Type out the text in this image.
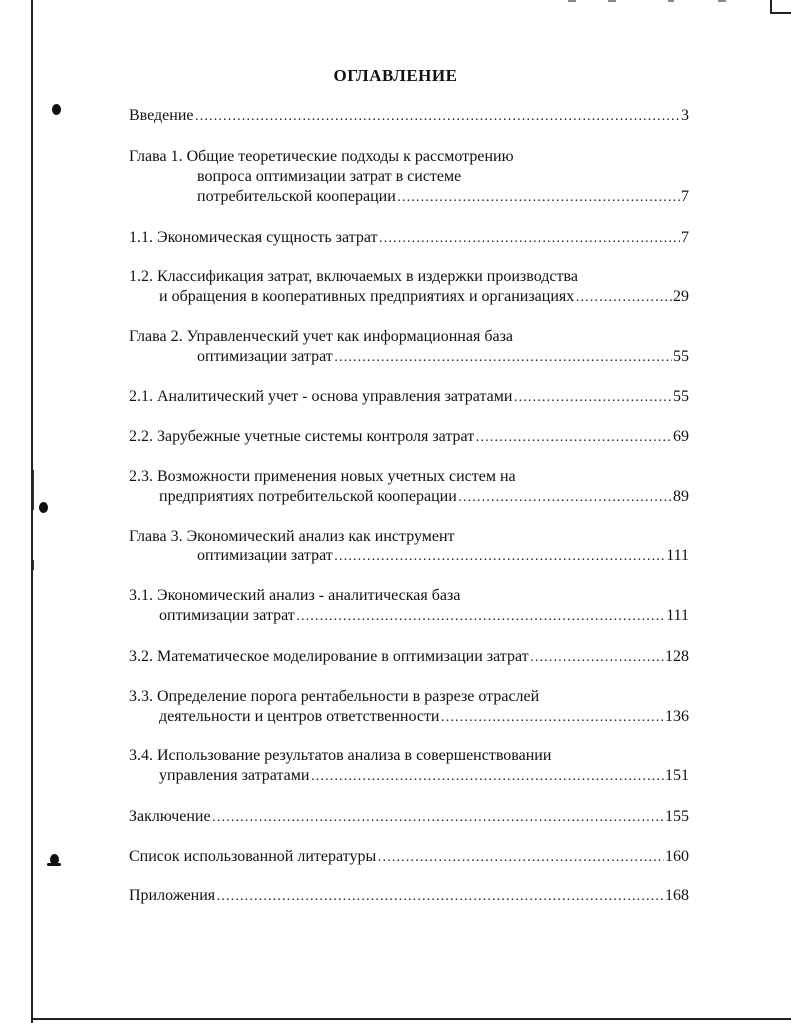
ОГЛАВЛЕНИЕ
Введение ……………………………………………………………………………………………………………………………………	3
Глава 1. Общие теоретические подходы к рассмотрению
вопроса оптимизации затрат в системе
потребительской кооперации ……………………………………………………………………………………………………………………………………	7
1.1. Экономическая сущность затрат ……………………………………………………………………………………………………………………………………	7
1.2. Классификация затрат, включаемых в издержки производства
и обращения в кооперативных предприятиях и организациях ……………………………………………………………………………………………………………………………………	29
Глава 2. Управленческий учет как информационная база
оптимизации затрат ……………………………………………………………………………………………………………………………………	55
2.1. Аналитический учет - основа управления затратами ……………………………………………………………………………………………………………………………………	55
2.2. Зарубежные учетные системы контроля затрат ……………………………………………………………………………………………………………………………………	69
2.3. Возможности применения новых учетных систем на
предприятиях потребительской кооперации ……………………………………………………………………………………………………………………………………	89
Глава 3. Экономический анализ как инструмент
оптимизации затрат ……………………………………………………………………………………………………………………………………	111
3.1. Экономический анализ - аналитическая база
оптимизации затрат ……………………………………………………………………………………………………………………………………	111
3.2. Математическое моделирование в оптимизации затрат ……………………………………………………………………………………………………………………………………	128
3.3. Определение порога рентабельности в разрезе отраслей
деятельности и центров ответственности ……………………………………………………………………………………………………………………………………	136
3.4. Использование результатов анализа в совершенствовании
управления затратами ……………………………………………………………………………………………………………………………………	151
Заключение ……………………………………………………………………………………………………………………………………	155
Список использованной литературы ……………………………………………………………………………………………………………………………………	160
Приложения ……………………………………………………………………………………………………………………………………	168
